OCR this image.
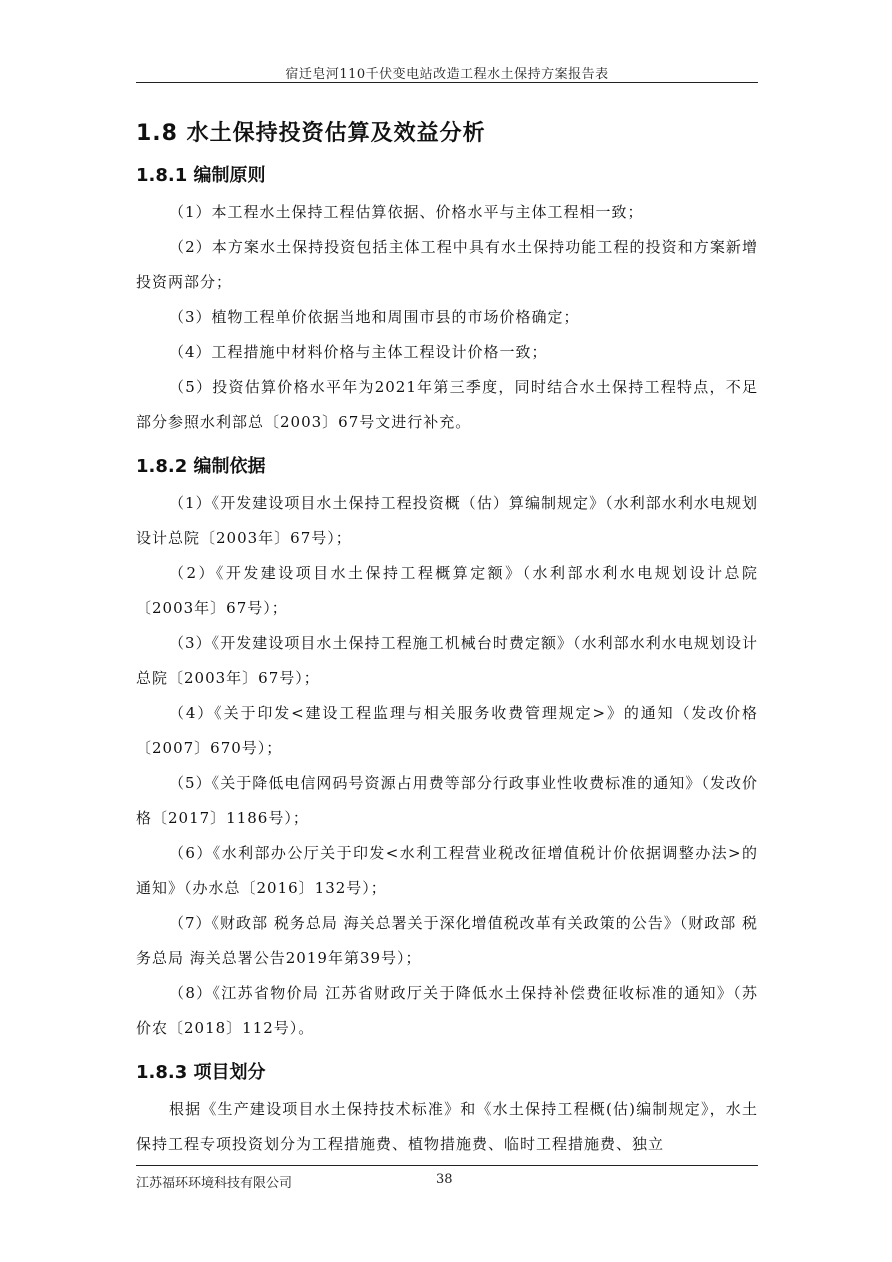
宿迁皂河110千伏变电站改造工程水土保持方案报告表
1.8 水土保持投资估算及效益分析
1.8.1 编制原则

（1）本工程水土保持工程估算依据、价格水平与主体工程相一致；

（2）本方案水土保持投资包括主体工程中具有水土保持功能工程的投资和方案新增投资两部分；

（3）植物工程单价依据当地和周围市县的市场价格确定；

（4）工程措施中材料价格与主体工程设计价格一致；

（5）投资估算价格水平年为2021年第三季度，同时结合水土保持工程特点，不足部分参照水利部总〔2003〕67号文进行补充。

1.8.2 编制依据

（1）《开发建设项目水土保持工程投资概（估）算编制规定》（水利部水利水电规划设计总院〔2003年〕67号）；

（2）《开发建设项目水土保持工程概算定额》（水利部水利水电规划设计总院〔2003年〕67号）；

（3）《开发建设项目水土保持工程施工机械台时费定额》（水利部水利水电规划设计总院〔2003年〕67号）；

（4）《关于印发<建设工程监理与相关服务收费管理规定>》的通知（发改价格〔2007〕670号）；

（5）《关于降低电信网码号资源占用费等部分行政事业性收费标准的通知》（发改价格〔2017〕1186号）；

（6）《水利部办公厅关于印发<水利工程营业税改征增值税计价依据调整办法>的通知》（办水总〔2016〕132号）；

（7）《财政部 税务总局 海关总署关于深化增值税改革有关政策的公告》（财政部 税务总局 海关总署公告2019年第39号）；

（8）《江苏省物价局 江苏省财政厅关于降低水土保持补偿费征收标准的通知》（苏价农〔2018〕112号）。

1.8.3 项目划分

根据《生产建设项目水土保持技术标准》和《水土保持工程概(估)编制规定》，水土保持工程专项投资划分为工程措施费、植物措施费、临时工程措施费、独立

江苏福环环境科技有限公司	38
